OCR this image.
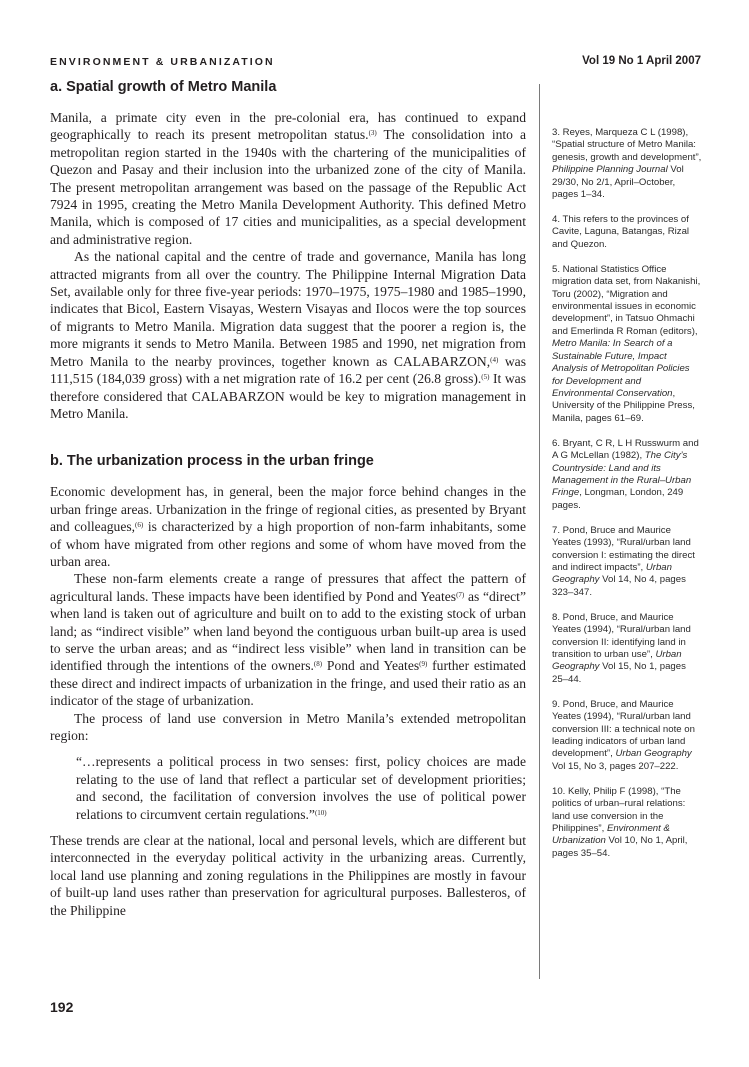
ENVIRONMENT & URBANIZATION	Vol 19 No 1 April 2007
a. Spatial growth of Metro Manila

Manila, a primate city even in the pre-colonial era, has continued to expand geographically to reach its present metropolitan status.$^{(3)}$ The consolidation into a metropolitan region started in the 1940s with the chartering of the municipalities of Quezon and Pasay and their inclusion into the urbanized zone of the city of Manila. The present metropolitan arrangement was based on the passage of the Republic Act 7924 in 1995, creating the Metro Manila Development Authority. This defined Metro Manila, which is composed of 17 cities and municipalities, as a special development and administrative region.

As the national capital and the centre of trade and governance, Manila has long attracted migrants from all over the country. The Philippine Internal Migration Data Set, available only for three five-year periods: 1970–1975, 1975–1980 and 1985–1990, indicates that Bicol, Eastern Visayas, Western Visayas and Ilocos were the top sources of migrants to Metro Manila. Migration data suggest that the poorer a region is, the more migrants it sends to Metro Manila. Between 1985 and 1990, net migration from Metro Manila to the nearby provinces, together known as CALABARZON,$^{(4)}$ was 111,515 (184,039 gross) with a net migration rate of 16.2 per cent (26.8 gross).$^{(5)}$ It was therefore considered that CALABARZON would be key to migration management in Metro Manila.

b. The urbanization process in the urban fringe

Economic development has, in general, been the major force behind changes in the urban fringe areas. Urbanization in the fringe of regional cities, as presented by Bryant and colleagues,$^{(6)}$ is characterized by a high proportion of non-farm inhabitants, some of whom have migrated from other regions and some of whom have moved from the urban area.

These non-farm elements create a range of pressures that affect the pattern of agricultural lands. These impacts have been identified by Pond and Yeates$^{(7)}$ as “direct” when land is taken out of agriculture and built on to add to the existing stock of urban land; as “indirect visible” when land beyond the contiguous urban built-up area is used to serve the urban areas; and as “indirect less visible” when land in transition can be identified through the intentions of the owners.$^{(8)}$ Pond and Yeates$^{(9)}$ further estimated these direct and indirect impacts of urbanization in the fringe, and used their ratio as an indicator of the stage of urbanization.

The process of land use conversion in Metro Manila’s extended metropolitan region:

“…represents a political process in two senses: first, policy choices are made relating to the use of land that reflect a particular set of development priorities; and second, the facilitation of conversion involves the use of political power relations to circumvent certain regulations.”$^{(10)}$

These trends are clear at the national, local and personal levels, which are different but interconnected in the everyday political activity in the urbanizing areas. Currently, local land use planning and zoning regulations in the Philippines are mostly in favour of built-up land uses rather than preservation for agricultural purposes. Ballesteros, of the Philippine

3. Reyes, Marqueza C L (1998), “Spatial structure of Metro Manila: genesis, growth and development”, Philippine Planning Journal Vol 29/30, No 2/1, April–October, pages 1–34.

4. This refers to the provinces of Cavite, Laguna, Batangas, Rizal and Quezon.

5. National Statistics Office migration data set, from Nakanishi, Toru (2002), “Migration and environmental issues in economic development”, in Tatsuo Ohmachi and Emerlinda R Roman (editors), Metro Manila: In Search of a Sustainable Future, Impact Analysis of Metropolitan Policies for Development and Environmental Conservation, University of the Philippine Press, Manila, pages 61–69.

6. Bryant, C R, L H Russwurm and A G McLellan (1982), The City’s Countryside: Land and its Management in the Rural–Urban Fringe, Longman, London, 249 pages.

7. Pond, Bruce and Maurice Yeates (1993), “Rural/urban land conversion I: estimating the direct and indirect impacts”, Urban Geography Vol 14, No 4, pages 323–347.

8. Pond, Bruce, and Maurice Yeates (1994), “Rural/urban land conversion II: identifying land in transition to urban use”, Urban Geography Vol 15, No 1, pages 25–44.

9. Pond, Bruce, and Maurice Yeates (1994), “Rural/urban land conversion III: a technical note on leading indicators of urban land development”, Urban Geography Vol 15, No 3, pages 207–222.

10. Kelly, Philip F (1998), “The politics of urban–rural relations: land use conversion in the Philippines”, Environment & Urbanization Vol 10, No 1, April, pages 35–54.

192
